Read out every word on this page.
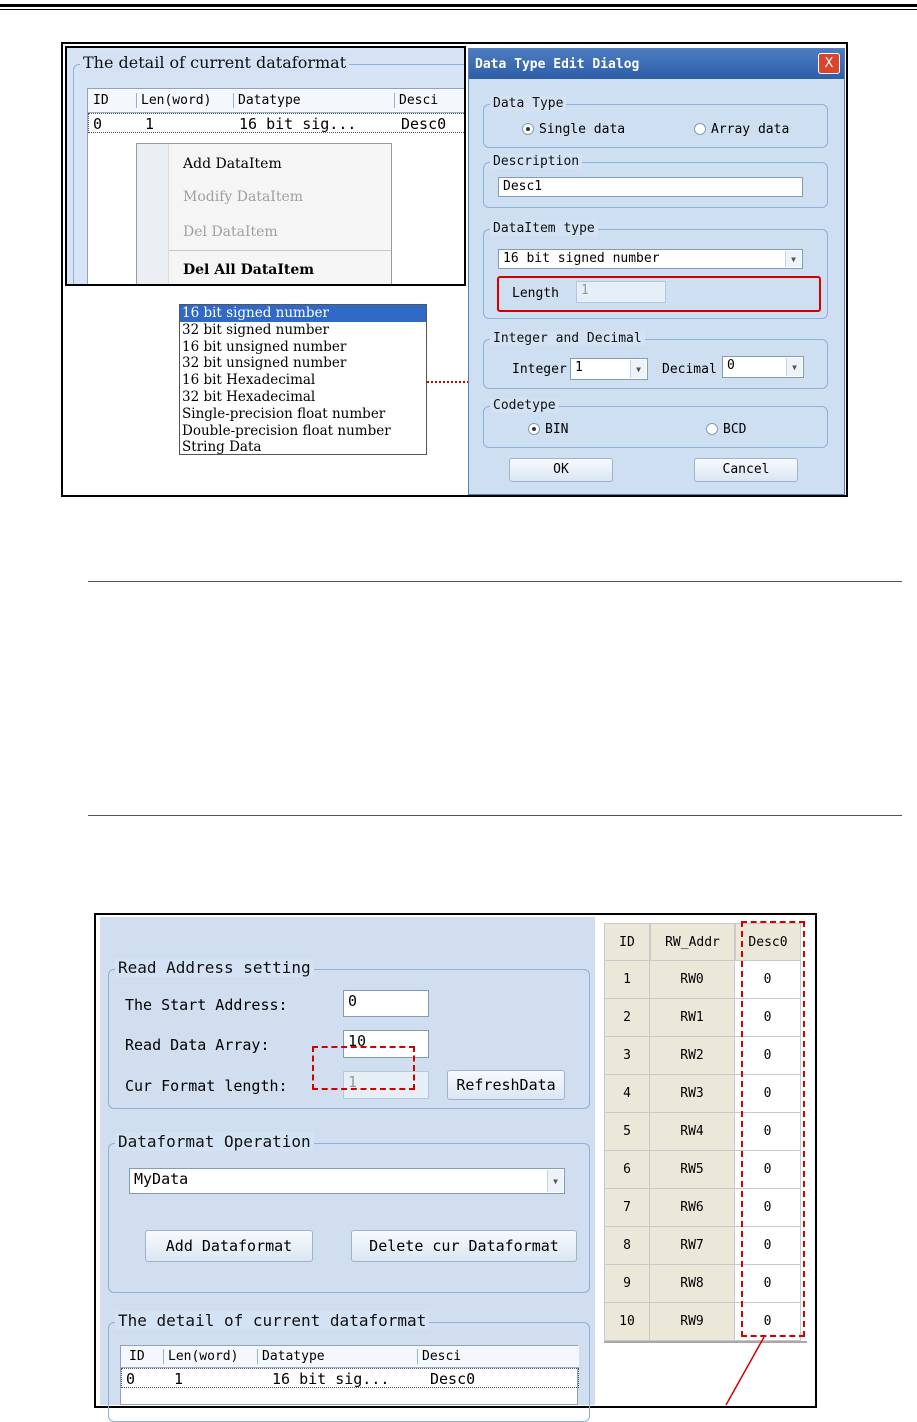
The detail of current dataformat
ID	Len(word)	Datatype	Desci
0	1	16 bit sig...	Desc0
Add DataItem
Modify DataItem
Del DataItem
Del All DataItem
16 bit signed number
32 bit signed number
16 bit unsigned number
32 bit unsigned number
16 bit Hexadecimal
32 bit Hexadecimal
Single-precision float number
Double-precision float number
String Data
Data Type Edit Dialog	X
Data Type
Single data	Array data
Description
Desc1
DataItem type
16 bit signed number	▼
Length	1
Integer and Decimal
Integer 1	▼	Decimal 0	▼
Codetype
BIN	BCD
OK	Cancel
Read Address setting
The Start Address:	0
Read Data Array:	10
Cur Format length:	1	RefreshData
Dataformat Operation
MyData	▼
Add Dataformat	Delete cur Dataformat
The detail of current dataformat
ID	Len(word)	Datatype	Desci
0	1	16 bit sig...	Desc0
ID	RW_Addr	Desc0
1	RW0	0
2	RW1	0
3	RW2	0
4	RW3	0
5	RW4	0
6	RW5	0
7	RW6	0
8	RW7	0
9	RW8	0
10	RW9	0
